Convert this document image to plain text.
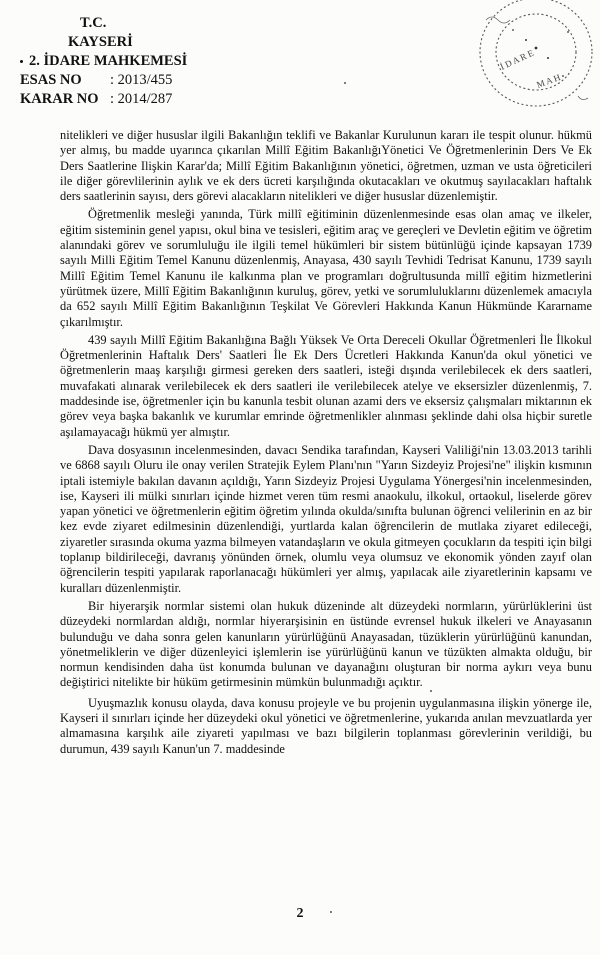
T.C.
KAYSERİ
2. İDARE MAHKEMESİ
ESAS NO	: 2013/455
KARAR NO : 2014/287
İ D A R E
M A H

nitelikleri ve diğer hususlar ilgili Bakanlığın teklifi ve Bakanlar Kurulunun kararı ile tespit olunur. hükmü yer almış, bu madde uyarınca çıkarılan Millî Eğitim BakanlığıYönetici Ve Öğretmenlerinin Ders Ve Ek Ders Saatlerine Ilişkin Karar'da; Millî Eğitim Bakanlığının yönetici, öğretmen, uzman ve usta öğreticileri ile diğer görevlilerinin aylık ve ek ders ücreti karşılığında okutacakları ve okutmuş sayılacakları haftalık ders saatlerinin sayısı, ders görevi alacakların nitelikleri ve diğer hususlar düzenlemiştir.

Öğretmenlik mesleği yanında, Türk millî eğitiminin düzenlenmesinde esas olan amaç ve ilkeler, eğitim sisteminin genel yapısı, okul bina ve tesisleri, eğitim araç ve gereçleri ve Devletin eğitim ve öğretim alanındaki görev ve sorumluluğu ile ilgili temel hükümleri bir sistem bütünlüğü içinde kapsayan 1739 sayılı Milli Eğitim Temel Kanunu düzenlenmiş, Anayasa, 430 sayılı Tevhidi Tedrisat Kanunu, 1739 sayılı Millî Eğitim Temel Kanunu ile kalkınma plan ve programları doğrultusunda millî eğitim hizmetlerini yürütmek üzere, Millî Eğitim Bakanlığının kuruluş, görev, yetki ve sorumluluklarını düzenlemek amacıyla da 652 sayılı Millî Eğitim Bakanlığının Teşkilat Ve Görevleri Hakkında Kanun Hükmünde Kararname çıkarılmıştır.

439 sayılı Millî Eğitim Bakanlığına Bağlı Yüksek Ve Orta Dereceli Okullar Öğretmenleri İle İlkokul Öğretmenlerinin Haftalık Ders' Saatleri İle Ek Ders Ücretleri Hakkında Kanun'da okul yönetici ve öğretmenlerin maaş karşılığı girmesi gereken ders saatleri, isteği dışında verilebilecek ek ders saatleri, muvafakati alınarak verilebilecek ek ders saatleri ile verilebilecek atelye ve eksersizler düzenlenmiş, 7. maddesinde ise, öğretmenler için bu kanunla tesbit olunan azami ders ve eksersiz çalışmaları miktarının ek görev veya başka bakanlık ve kurumlar emrinde öğretmenlikler alınması şeklinde dahi olsa hiçbir suretle aşılamayacağı hükmü yer almıştır.

Dava dosyasının incelenmesinden, davacı Sendika tarafından, Kayseri Valiliği'nin 13.03.2013 tarihli ve 6868 sayılı Oluru ile onay verilen Stratejik Eylem Planı'nın "Yarın Sizdeyiz Projesi'ne" ilişkin kısmının iptali istemiyle bakılan davanın açıldığı, Yarın Sizdeyiz Projesi Uygulama Yönergesi'nin incelenmesinden, ise, Kayseri ili mülki sınırları içinde hizmet veren tüm resmi anaokulu, ilkokul, ortaokul, liselerde görev yapan yönetici ve öğretmenlerin eğitim öğretim yılında okulda/sınıfta bulunan öğrenci velilerinin en az bir kez evde ziyaret edilmesinin düzenlendiği, yurtlarda kalan öğrencilerin de mutlaka ziyaret edileceği, ziyaretler sırasında okuma yazma bilmeyen vatandaşların ve okula gitmeyen çocukların da tespiti için bilgi toplanıp bildirileceği, davranış yönünden örnek, olumlu veya olumsuz ve ekonomik yönden zayıf olan öğrencilerin tespiti yapılarak raporlanacağı hükümleri yer almış, yapılacak aile ziyaretlerinin kapsamı ve kuralları düzenlenmiştir.

Bir hiyerarşik normlar sistemi olan hukuk düzeninde alt düzeydeki normların, yürürlüklerini üst düzeydeki normlardan aldığı, normlar hiyerarşisinin en üstünde evrensel hukuk ilkeleri ve Anayasanın bulunduğu ve daha sonra gelen kanunların yürürlüğünü Anayasadan, tüzüklerin yürürlüğünü kanundan, yönetmeliklerin ve diğer düzenleyici işlemlerin ise yürürlüğünü kanun ve tüzükten almakta olduğu, bir normun kendisinden daha üst konumda bulunan ve dayanağını oluşturan bir norma aykırı veya bunu değiştirici nitelikte bir hüküm getirmesinin mümkün bulunmadığı açıktır.

Uyuşmazlık konusu olayda, dava konusu projeyle ve bu projenin uygulanmasına ilişkin yönerge ile, Kayseri il sınırları içinde her düzeydeki okul yönetici ve öğretmenlerine, yukarıda anılan mevzuatlarda yer almamasına karşılık aile ziyareti yapılması ve bazı bilgilerin toplanması görevlerinin verildiği, bu durumun, 439 sayılı Kanun'un 7. maddesinde

2
